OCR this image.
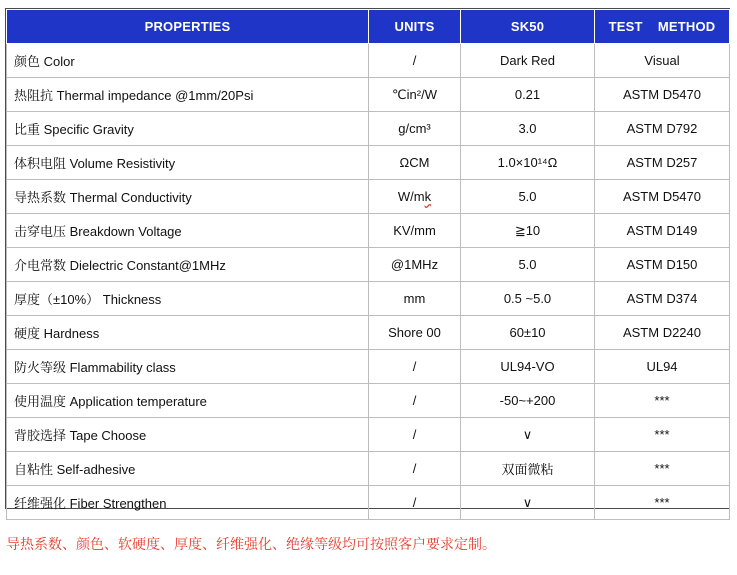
PROPERTIES	UNITS	SK50	TEST    METHOD
颜色 Color	/	Dark Red	Visual
热阻抗 Thermal impedance @1mm/20Psi	℃in²/W	0.21	ASTM D5470
比重 Specific Gravity	g/cm³	3.0	ASTM D792
体积电阻 Volume Resistivity	ΩCM	1.0×10¹⁴Ω	ASTM D257
导热系数 Thermal Conductivity	W/mk	5.0	ASTM D5470
击穿电压 Breakdown Voltage	KV/mm	≧10	ASTM D149
介电常数 Dielectric Constant@1MHz	@1MHz	5.0	ASTM D150
厚度（±10%） Thickness	mm	0.5 ~5.0	ASTM D374
硬度 Hardness	Shore 00	60±10	ASTM D2240
防火等级 Flammability class	/	UL94-VO	UL94
使用温度 Application temperature	/	-50~+200	***
背胶选择 Tape Choose	/	∨	***
自粘性 Self-adhesive	/	双面微粘	***
纤维强化 Fiber Strengthen	/	∨	***
导热系数、颜色、软硬度、厚度、纤维强化、绝缘等级均可按照客户要求定制。
